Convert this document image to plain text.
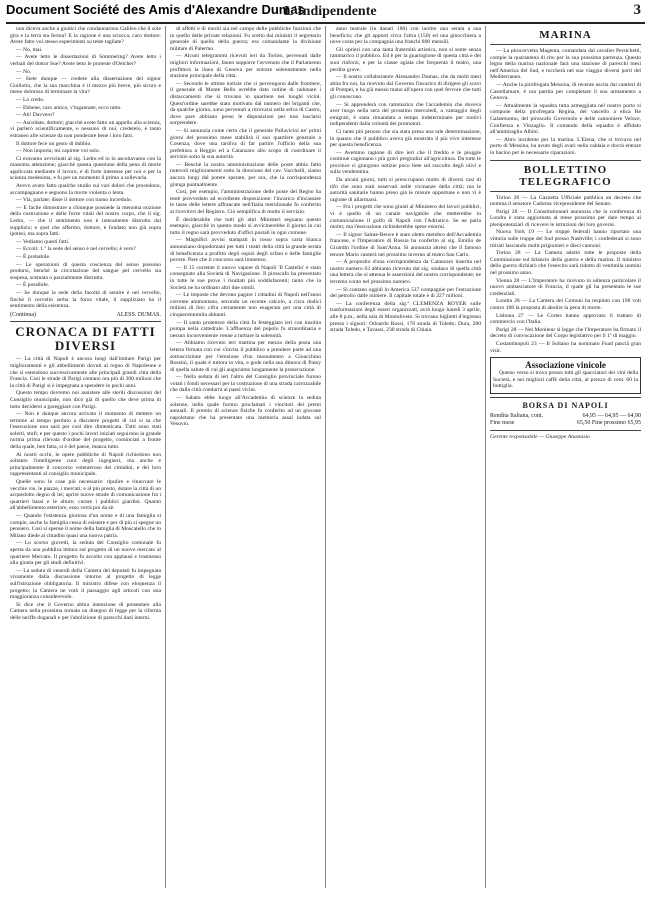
Document Société des Amis d'Alexandre Dumas
L'Indipendente	3

non diceva anche a giudici che condannarono Galileo che il sole gira e la terra sta ferma? E la ragione è una sciocca, caro dottore. Avete fatto voi stesso esperimenti su teste tagliate?

— No, mai.

— Avete letto le dissertazioni di Sömmering? Avete letto i verbali del dottor Sue? Avete letto le proteste d'Oelcher?

— No.

— Siete dunque — credete alla dissertazione del signor Guillotin, che la sua macchina è il mezzo più breve, più sicuro e meno doloroso di terminare la vita?

— Lo credo.

— Ebbene, caro amico, v'ingannate, ecco tutto.

— Ah! Davvero?

— Ascoltate, dottore; giacchè avete fatto un appello alla scienza, vi parlerò scientificamente, e nessuno di noi, credetelo, è tanto estraneo alle scienze da non ponderare bene i loro fatti.

Il dottore fece un gesto di dubbio.

— Non importa; mi capirete voi solo.

Ci eravamo avvicinati al sig. Ledru ed io lo ascoltavamo con la massima attenzione; giacchè questa questione della pena di morte appliccata mediante il lavoro, è di forte interesse per noi e per la scienza medesima, e fu per un momento il primo a sollevarla.

Avevo avuto fatto qualche studio sui vari dolori che procedono, accompagnano e seguono la morte violenta o lenta.

— Via, parlate; disse il dottore con tuono incredulo.

— E facile dimostrare a chiunque possiede la menoma nozione della costruzione e delle forze vitali del nostro corpo, che il sig. Ledru, — che il sentimento non è interamente distrutto dal supplizio; e quel che affermo, dottore, è fondato non già sopra ipotesi, ma sopra fatti.

— Vediamo questi fatti.

— Eccoli: 1.º la sede del senso è nel cervello; è vero?

— È probabile.

— Le operazioni di questa coscienza del senso possono prodursi, benchè la circolazione del sangue pel cervello sia sospesa, scemata o parzialmente distrutta.

— È possibile.

— Se dunque la sede della facoltà di sentire è nel cervello, finchè il cervello serba la forza vitale, il suppliziato ha il sentimento della esistenza.

(Continua)	ALESS. DUMAS.
CRONACA DI FATTI DIVERSI

— La città di Napoli è ancora lungi dall'imitare Parigi per miglioramenti e gli abbellimenti dovuti al regno di Napoleone e che si estendono successivamente alle principali grandi città della Francia. Così le strade di Parigi contano ora più di 300 milioni che la città di Parigi si è impegnata a spendere in pochi anni.

Questo tempo dovremo noi assistere alle sterili discussioni del Consiglio municipale, non dico già di quello che deve prima di tutto deciderei a gareggiare con Parigi.

— Non è dunque ancora arrivato il momento di mettere un termine al tempo perduto a discutere progetti di cui si sa che l'esecuzione non sarà per così dire dimenticata. Tutti sono stati solerti, stufi; e per questo i pochi lavori iniziati seguirono la grande norma prima rilevata d'ordine del progetto, cominciati a fronte della quale, ben fatta, si è del paese, manca tutto.

Ai nostri occhi, le opere pubbliche di Napoli richiedono non soltanto l'intelligente cura degli ingegneri, ma anche e principalmente il concorso volenteroso dei cittadini, e dei loro rappresentanti al consiglio municipale.

Quelle sono le cose più necessarie: ripulire e rinnovare le vecchie vie, le piazze, i mercati; e al più presto, dotare la città di un acquedotto degno di lei; aprire nuove strade di comunicazione fra i quartieri bassi e le alture; curare i pubblici giardini. Quanto all'abbellimento esteriore, esso verrà poi da sè.

— Quando l'esistenza gloriosa d'un nome e di una famiglia si compie, anche la famiglia cessa di esistere e per di più si spegne un pensiero. Così si spense il nome della famiglia di Moscatello che in Milano diede ai cittadini quasi una nuova patria.

— Lo scorso giovedì, la seduta del Consiglio comunale fu aperta da una pubblica lettura sul progetto di un nuovo mercato al quartiere Mercato. Il progetto fu accolto con applausi e trasmesso alla giunta per gli studi definitivi.

— La seduta di venerdì della Camera dei deputati fu impegnata vivamente dalla discussione intorno al progetto di legge sull'istruzione obbligatoria. Il ministro difese con eloquenza il progetto; la Camera ne votò il passaggio agli articoli con una maggioranza considerevole.

Si dice che il Governo abbia intenzione di presentare alla Camera nella prossima tornata un disegno di legge per la riforma delle tariffe doganali e per l'abolizione di parecchi dazi interni.

di affetti e di meriti sia nel campo delle pubbliche funzioni che in quello delle private relazioni. Fu scelto dai ministri il segretario generale di quello della guerra; era comandante la divisione militare di Palermo.

— Alcuni telegrammi ricevuti ieri da Torino, pervenuti dalle migliori informazioni, fanno supporre l'avvenuto che il Parlamento profitterà la linea di Genova per entrare solennemente nella stazione principale della città.

— Secondo le ultime notizie che ci pervengono dalle frontiere, il generale di Monte Bello avrebbe dato ordine di radunare i distaccamenti che si trovano in quartiere nei luoghi vicini. Quest'ordine sarebbe stato motivato dal numero dei briganti che, da qualche giorno, sono pervenuti a ritrovarsi nella selva di Castro, dove pare abbiano preso le disposizioni per non lasciarsi sorprendere.

— Si annunzia come certo che il generale Pallavicini ne' primi giorni del prossimo mese stabilirà il suo quartiere generale a Cosenza, dove una tardiva di far partire l'ufficio della sua prefettura a Reggio ed a Catanzaro allo scopo di coordinare il servizio sotto la sua autorità.

— Benchè la nostra amministrazione delle poste abbia fatto notevoli miglioramenti sotto la direzione del cav. Vacchelli, siamo ancora lungi dal potere sperare, per ora, che la corrispondenza giunga puntualmente.

Così, per esempio, l'amministrazione delle poste del Regno ha testè provveduto ad eccellente disposizione: l'incarico d'incassare le tasse delle lettere affrancate nell'Italia meridionale fu conferito ai ricevitori del Registro. Ciò semplifica di molto il servizio.

È desiderabile che tutti gli altri Ministeri seguano questo esempio, giacchè in questo modo si avvicinerebbe il giorno in cui tutto il regno sarà provveduto d'uffici postali in ogni comune.

— Magnifici avvisi stampati in rosso sopra carta bianca annunziano dopodomani per tutti i teatri della città la grande serata di beneficenza a profitto degli ospizi degli orfani e delle famiglie povere. Pare che il concorso sarà immenso.

— Il 15 corrente il nuovo vapore di Napoli 'Il Castello' è stato consegnato alla Società di Navigazione. Il piroscafo ha presentato in tutte le sue prove i risultati più soddisfacenti; tanto che la Società ne ha ordinato altri due simili.

— Le imposte che devono pagare i cittadini di Napoli nell'anno corrente ammontano, secondo un recente calcolo, a circa dodici milioni di lire; cifra certamente non esagerata per una città di cinquecentomila abitanti.

— Il santo protettore della città fu festeggiato ieri con insolita pompa nella cattedrale. L'affluenza del popolo fu straordinaria e nessun inconveniente venne a turbare la solennità.

— Abbiamo ricevuto ieri mattina per mezzo della posta una lettera firmata con cui s'invita il pubblico a prendere parte ad una sottoscrizione per l'erezione d'un monumento a Gioacchino Rossini, il quale è tuttora in vita, e gode nella sua dimora di Passy di quella salute di cui gli auguriamo lungamente la prosecuzione.

— Nella seduta di ieri l'altro del Consiglio provinciale furono votati i fondi necessari per la costruzione di una strada carrozzabile che dalla città condurrà ai paesi vicini.

— Sabato ebbe luogo all'Accademia di scienze la seduta solenne, nella quale furono proclamati i vincitori dei premi annuali. Il premio di scienze fisiche fu conferito ad un giovane napoletano che ha presentato una memoria assai lodata sul Vesuvio.

anno teatrale (in danari 180) con inoltre una serata a sua beneficio; che gli apporti circa l'altra (150) ed una ginocchiera a nove costa per la compagnia una franchi 800 mensili.

Gli oprieri con una tanta fraternità artistica, non si sente senza rammarico il pubblico. Ed è per la guarnigione di questa città e dei suoi rinforzi, e per la classe agiata che frequenta il teatro, una perdita grave.

— Il nostro collaboratore Alessandro Dumas, che da molti mesi abita fra noi, ha ricevuto dal Governo l'incarico di dirigere gli scavi di Pompei, e ha già messo mano all'opera con quel fervore che tutti gli conoscono.

— Si apprenderà con rammarico che l'accademia che doveva aver luogo nella sera del prossimo mercoledì, a vantaggio degli emigrati, è stata rimandata a tempo indeterminato per motivi indipendenti dalla volontà dei promotori.

Ci tanto più penoso che sia stata presa una tale determinazione, in quanto che il pubblico aveva già mostrato il più vivo interesse per questa beneficenza.

— Avemmo ragione di dire ieri che il freddo e le pioggie continue cagionano i più gravi pregiudizi all'agricoltura. Da tutte le province ci giungono notizie poco liete sul raccolto degli olivi e sulla vendemmia.

Da alcuni giorni, tutti si preoccupano molto di diversi casi di tifo che sono stati osservati nelle vicinanze della città; ma le autorità sanitarie hanno preso già le misure opportune e non vi è ragione di allarmarsi.

— Fra i progetti che sono giunti al Ministero dei lavori pubblici, vi è quello di un canale navigabile che metterebbe in comunicazione il golfo di Napoli con l'Adriatico. Se ne parla molto; ma l'esecuzione richiederebbe spese enormi.

— Il signor Sainte-Beuve è stato eletto membro dell'Accademia francese, e l'Imperatore di Russia ha conferito al sig. Emilio de Girardin l'ordine di Sant'Anna. Si annunzia altresì che il famoso tenore Mario canterà nel prossimo inverno al teatro San Carlo.

— A proposito d'una corrispondenza da Catanzaro inserita nel nostro numero 63 abbiamo ricevuto dal sig. sindaco di quella città una lettera che si attenua le asserzioni del nostro corrispondente; ne terremo conto nel prossimo numero.

— Si contano oggidì in America 537 compagnie per l'estrazione del petrolio dalle miniere. Il capitale totale è di 227 milioni.

— La conferenza della sig.ª CLEMENZA ROYER sulle trasformazioni degli esseri organizzati, avrà luogo lunedì 3 aprile, alle 8 p.m., nella sala di Montoliveto. Si trovano biglietti d'ingresso presso i signori: Odoardo Rossi, 178 strada di Toledo; Dura, 280 strada Toledo, e Tavassi, 230 strada di Chiaia.

MARINA

— La pirocorvetta Magenta, comandata dal cavalier Persichetti, compie la quarantena di rito per la sua prossima partenza. Questo legno della marina nazionale farà una stazione di parecchi mesi nell'America del Sud, e toccherà nel suo viaggio diversi porti del Mediterraneo.

— Anche la pirofregata Messina, di recente uscita dai cantieri di Castellamare, è ora partita per completare il suo armamento a Genova.

— Attualmente la squadra tutta armeggiata nel nostro porto si compone della pirofregata Regina, del vascello a elica Re Galantuomo, del piroscafo Governolo e delle cannoniere Veloce, Confienza e Vinzaglio. Il comando della squadra è affidato all'ammiraglio Albini.

— Altro incidente per la marina. L'Elena, che si trovava nel porto di Messina, ha avuto degli avarì nella caldaia e dovrà entrare in bacino per le necessarie riparazioni.

BOLLETTINO TELEGRAFICO

Torino 28 — La Gazzetta Ufficiale pubblica un decreto che nomina il senatore Cadorna vicepresidente del Senato.

Parigi 28 — Il Constitutionnel annunzia che la conferenza di Londra è stata aggiornata al mese prossimo per dare tempo ai plenipotenziari di ricevere le istruzioni dei loro governi.

Nuova York 19 — Le truppe federali hanno riportato una vittoria sulle truppe del Sud presso Nashville; i confederati si sono ritirati lasciando molti prigionieri e dieci cannoni.

Torino 28 — La Camera adottò tutte le proposte della Commissione sul bilancio della guerra e della marina. Il ministro della guerra dichiarò che l'esercito sarà ridotto di ventimila uomini nel prossimo anno.

Vienna 28 — L'Imperatore ha ricevuto in udienza particolare il nuovo ambasciatore di Francia, il quale gli ha presentato le sue credenziali.

Londra 28 — La Camera dei Comuni ha respinto con 198 voti contro 108 la proposta di abolire la pena di morte.

Lisbona 27 — Le Cortes hanno approvato il trattato di commercio con l'Italia.

Parigi 28 — Nel Moniteur si legge che l'Imperatore ha firmato il decreto di convocazione del Corpo legislativo per il 1º di maggio.

Costantinopoli 23 — Il Sultano ha nominato Fuad pascià gran visir.

Associazione vinicole

Questo verso si trova presso tutti gli spacciatori dei vini della Società, e nei migliori caffè della città, al prezzo di cent. 60 la bottiglia.

BORSA DI NAPOLI
Rendita Italiana, cont.	64,95 — 64,95 — 64,90
Fine mese	65,50 Fine prossimo 65,95
Gerente responsabile — Giuseppe Anastasio
